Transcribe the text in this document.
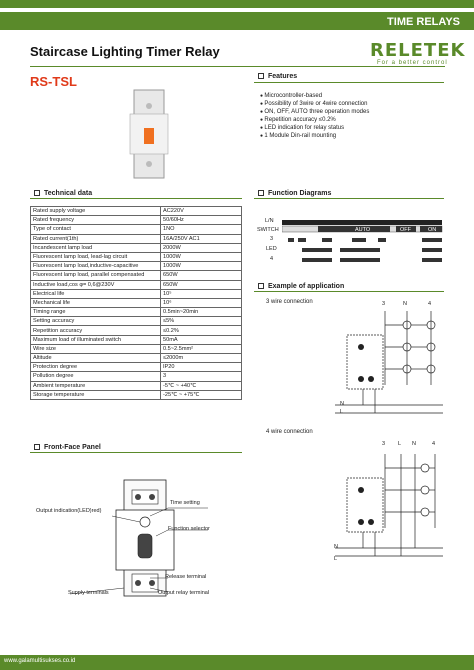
TIME RELAYS
Staircase Lighting Timer Relay	RELETEK
For a better control
RS-TSL	Features
● Microcontroller-based
● Possibility of 3wire or 4wire connection
● ON, OFF, AUTO three operation modes
● Repetition accuracy ≤0.2%
● LED indication for relay status
● 1 Module Din-rail mounting
Technical data
Rated supply voltage	AC220V
Rated frequency	50/60Hz
Type of contact	1NO
Rated current(1th)	16A/250V AC1
Incandescent lamp load	2000W
Fluorescent lamp load, lead-lag circuit	1000W
Fluorescent lamp load,inductive-capacitive	1000W
Fluorescent lamp load, parallel compensated	650W
Inductive load,cos φ= 0,6@230V	650W
Electrical life	10⁵
Mechanical life	10⁶
Timing range	0.5min~20min
Setting accuracy	≤5%
Repetition accuracy	≤0.2%
Maximum load of illuminated switch	50mA
Wire size	0.5~2.5mm²
Altitude	≤2000m
Protection degree	IP20
Pollution degree	3
Ambient temperature	-5℃ ~ +40℃
Storage temperature	-25℃ ~ +75℃
Function Diagrams
L/N
SWITCH
3
LED
4
AUTO	OFF	ON
Example of application
3 wire connection	3	N	4
N
L
4 wire connection
3 L N	4
N
L
Front-Face Panel
Time setting
Output indication(LED)red)
Function selector
Release terminal
Supply terminals	Output relay terminal
www.galamultisukses.co.id
